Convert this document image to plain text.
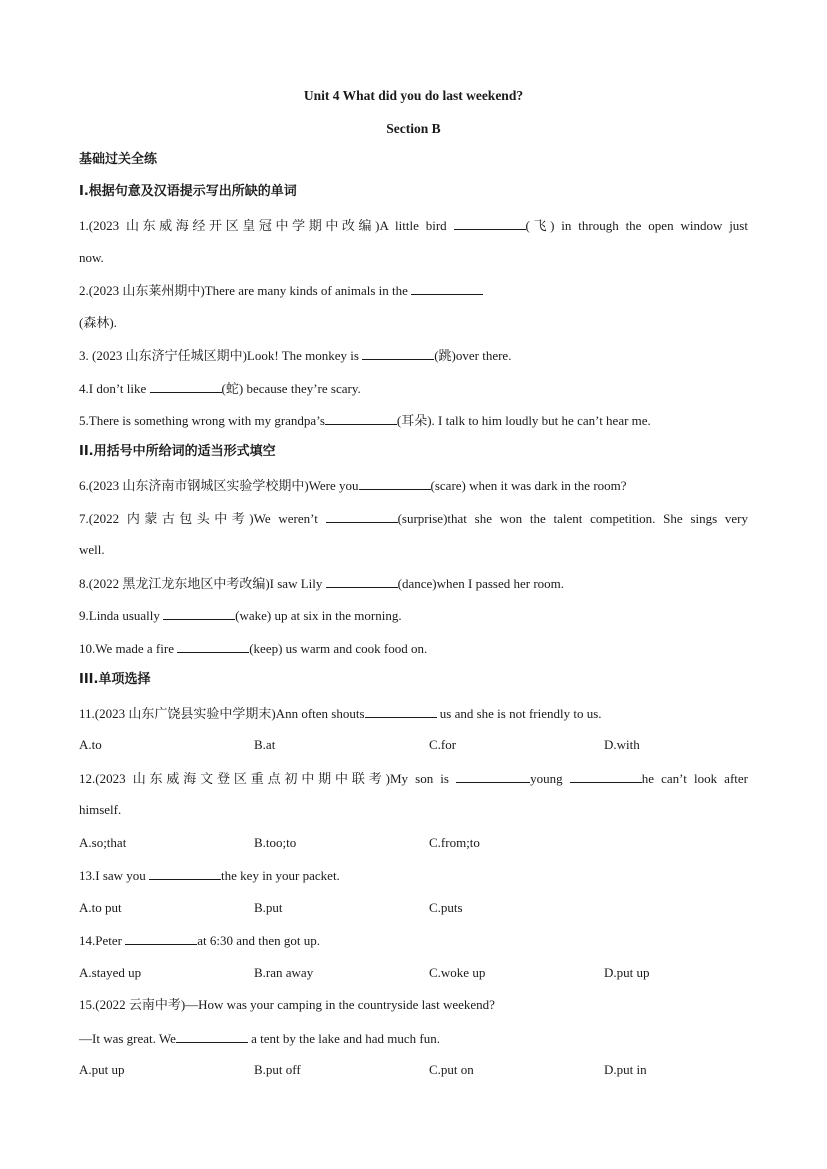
Unit 4 What did you do last weekend?
Section B
基础过关全练
I.根据句意及汉语提示写出所缺的单词
1.(2023 山东威海经开区皇冠中学期中改编)A little bird	(飞) in through the open window just
now.
2.(2023 山东莱州期中)There are many kinds of animals in the
(森林).
3. (2023 山东济宁任城区期中)Look! The monkey is	(跳)over there.
4.I don’t like	(蛇) because they’re scary.
5.There is something wrong with my grandpa’s	(耳朵). I talk to him loudly but he can’t hear me.
II.用括号中所给词的适当形式填空
6.(2023 山东济南市钢城区实验学校期中)Were you	(scare) when it was dark in the room?
7.(2022 内蒙古包头中考)We weren’t	(surprise)that she won the talent competition. She sings very
well.
8.(2022 黑龙江龙东地区中考改编)I saw Lily	(dance)when I passed her room.
9.Linda usually	(wake) up at six in the morning.
10.We made a fire	(keep) us warm and cook food on.
III.单项选择
11.(2023 山东广饶县实验中学期末)Ann often shouts	us and she is not friendly to us.
A.to	B.at	C.for	D.with
12.(2023 山东威海文登区重点初中期中联考)My son is	young	he can’t look after
himself.
A.so;that	B.too;to	C.from;to
13.I saw you	the key in your packet.
A.to put	B.put	C.puts
14.Peter	at 6:30 and then got up.
A.stayed up	B.ran away	C.woke up	D.put up
15.(2022 云南中考)—How was your camping in the countryside last weekend?
—It was great. We	a tent by the lake and had much fun.
A.put up	B.put off	C.put on	D.put in
